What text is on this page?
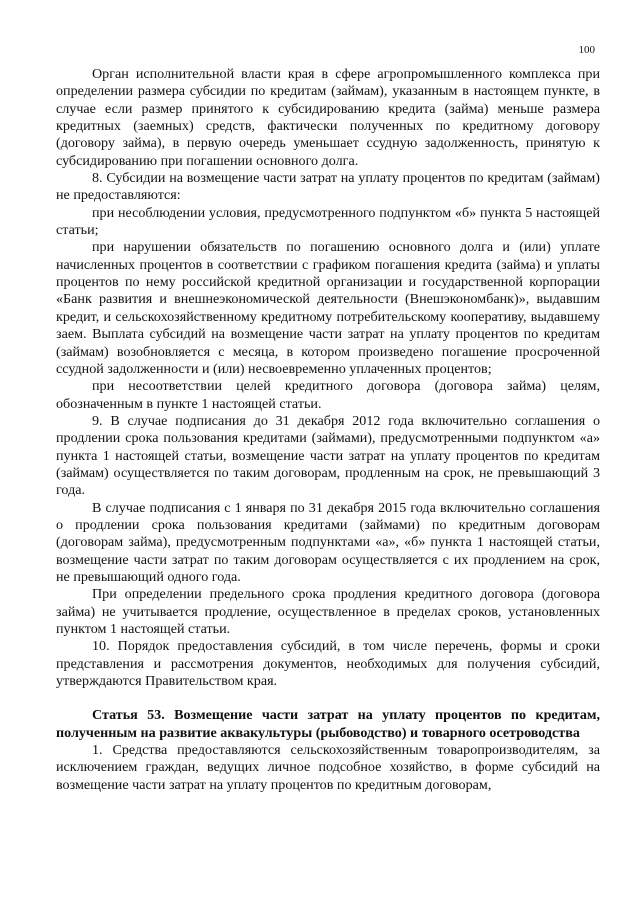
100

Орган исполнительной власти края в сфере агропромышленного комплекса при определении размера субсидии по кредитам (займам), указанным в настоящем пункте, в случае если размер принятого к субсидированию кредита (займа) меньше размера кредитных (заемных) средств, фактически полученных по кредитному договору (договору займа), в первую очередь уменьшает ссудную задолженность, принятую к субсидированию при погашении основного долга.

8. Субсидии на возмещение части затрат на уплату процентов по кредитам (займам) не предоставляются:

при несоблюдении условия, предусмотренного подпунктом «б» пункта 5 настоящей статьи;

при нарушении обязательств по погашению основного долга и (или) уплате начисленных процентов в соответствии с графиком погашения кредита (займа) и уплаты процентов по нему российской кредитной организации и государственной корпорации «Банк развития и внешнеэкономической деятельности (Внешэкономбанк)», выдавшим кредит, и сельскохозяйственному кредитному потребительскому кооперативу, выдавшему заем. Выплата субсидий на возмещение части затрат на уплату процентов по кредитам (займам) возобновляется с месяца, в котором произведено погашение просроченной ссудной задолженности и (или) несвоевременно уплаченных процентов;

при несоответствии целей кредитного договора (договора займа) целям, обозначенным в пункте 1 настоящей статьи.

9. В случае подписания до 31 декабря 2012 года включительно соглашения о продлении срока пользования кредитами (займами), предусмотренными подпунктом «а» пункта 1 настоящей статьи, возмещение части затрат на уплату процентов по кредитам (займам) осуществляется по таким договорам, продленным на срок, не превышающий 3 года.

В случае подписания с 1 января по 31 декабря 2015 года включительно соглашения о продлении срока пользования кредитами (займами) по кредитным договорам (договорам займа), предусмотренным подпунктами «а», «б» пункта 1 настоящей статьи, возмещение части затрат по таким договорам осуществляется с их продлением на срок, не превышающий одного года.

При определении предельного срока продления кредитного договора (договора займа) не учитывается продление, осуществленное в пределах сроков, установленных пунктом 1 настоящей статьи.

10. Порядок предоставления субсидий, в том числе перечень, формы и сроки представления и рассмотрения документов, необходимых для получения субсидий, утверждаются Правительством края.

Статья 53. Возмещение части затрат на уплату процентов по кредитам, полученным на развитие аквакультуры (рыбоводство) и товарного осетроводства

1. Средства предоставляются сельскохозяйственным товаропроизводителям, за исключением граждан, ведущих личное подсобное хозяйство, в форме субсидий на возмещение части затрат на уплату процентов по кредитным договорам,
